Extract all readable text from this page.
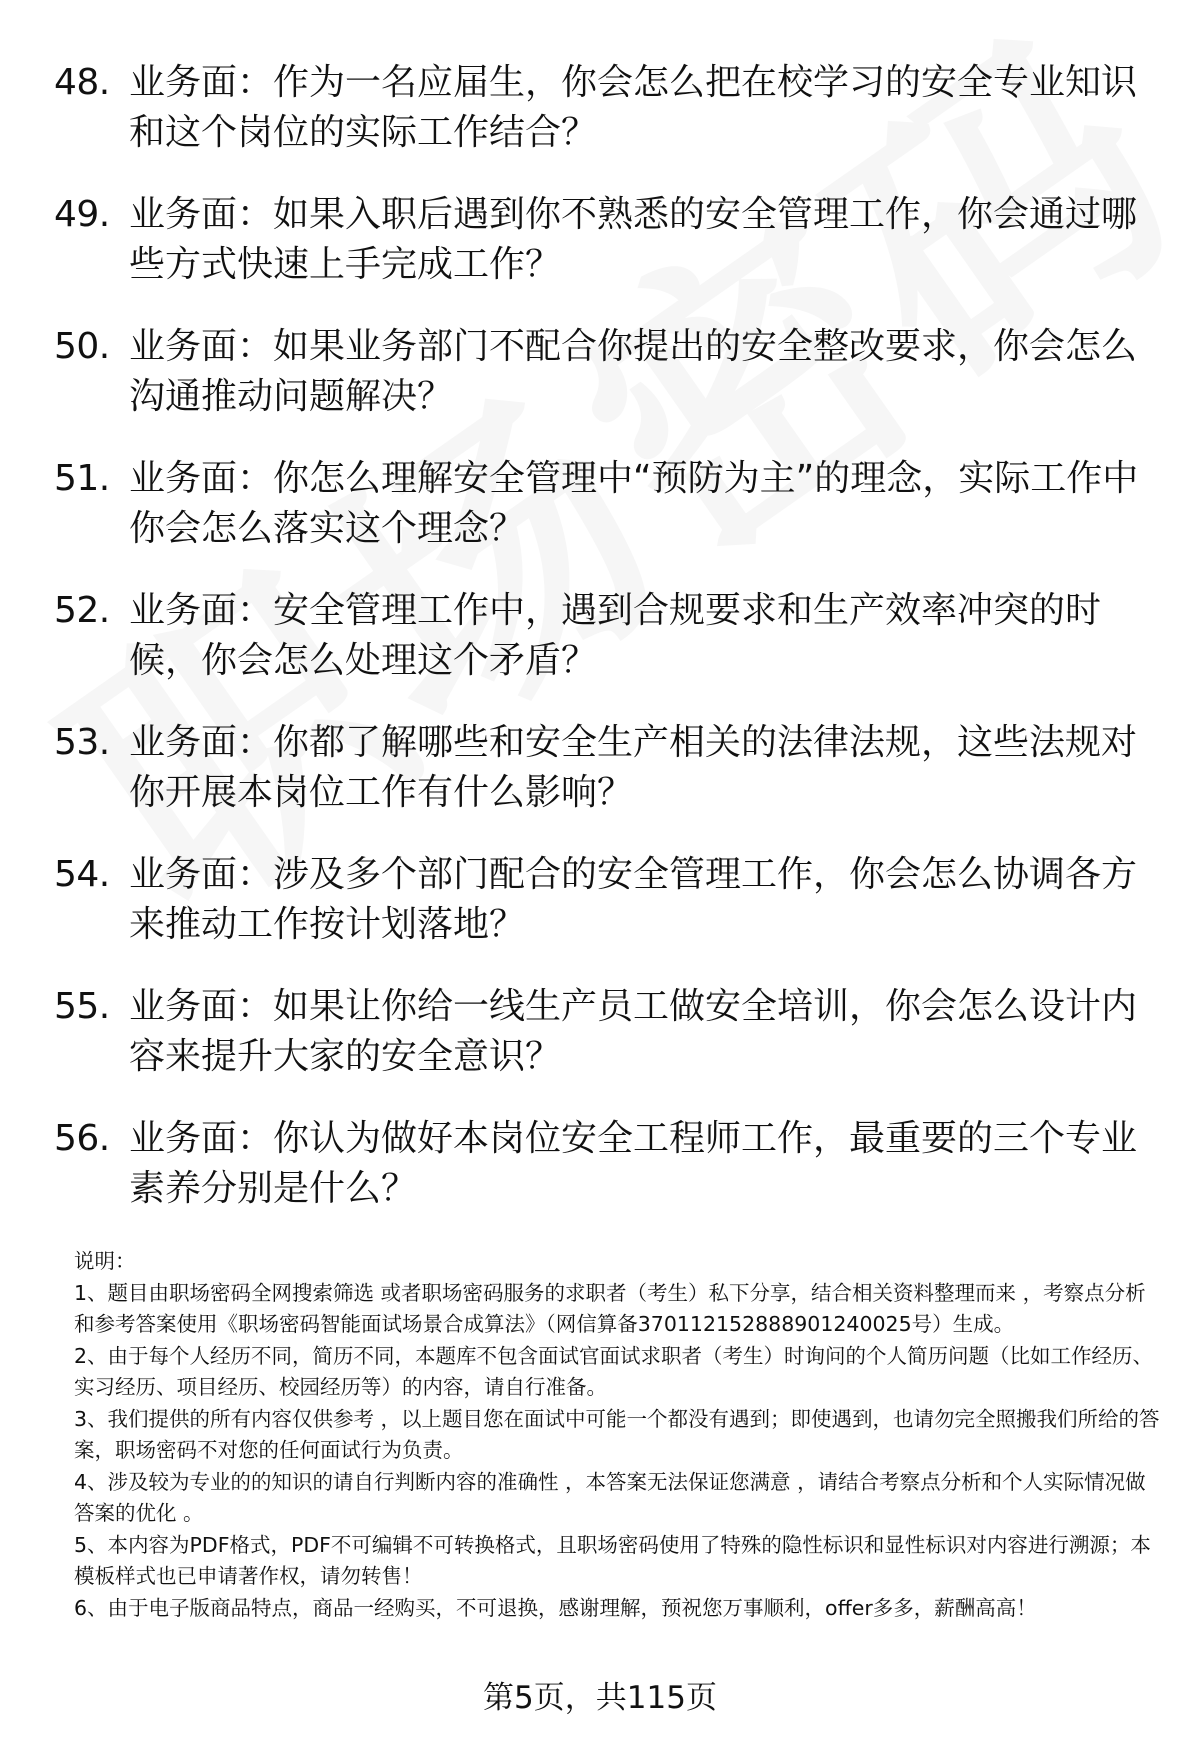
48. 业务面：作为一名应届生，你会怎么把在校学习的安全专业知识和这个岗位的实际工作结合？
49. 业务面：如果入职后遇到你不熟悉的安全管理工作，你会通过哪些方式快速上手完成工作？
50. 业务面：如果业务部门不配合你提出的安全整改要求，你会怎么沟通推动问题解决？
51. 业务面：你怎么理解安全管理中“预防为主”的理念，实际工作中你会怎么落实这个理念？
52. 业务面：安全管理工作中，遇到合规要求和生产效率冲突的时候，你会怎么处理这个矛盾？
53. 业务面：你都了解哪些和安全生产相关的法律法规，这些法规对你开展本岗位工作有什么影响？
54. 业务面：涉及多个部门配合的安全管理工作，你会怎么协调各方来推动工作按计划落地？
55. 业务面：如果让你给一线生产员工做安全培训，你会怎么设计内容来提升大家的安全意识？
56. 业务面：你认为做好本岗位安全工程师工作，最重要的三个专业素养分别是什么？
说明：
1、题目由职场密码全网搜索筛选 或者职场密码服务的求职者（考生）私下分享，结合相关资料整理而来 ，考察点分析和参考答案使用《职场密码智能面试场景合成算法》（网信算备370112152888901240025号）生成。
2、由于每个人经历不同，简历不同，本题库不包含面试官面试求职者（考生）时询问的个人简历问题（比如工作经历、实习经历、项目经历、校园经历等）的内容，请自行准备。
3、我们提供的所有内容仅供参考 ，以上题目您在面试中可能一个都没有遇到；即使遇到，也请勿完全照搬我们所给的答案，职场密码不对您的任何面试行为负责。
4、涉及较为专业的的知识的请自行判断内容的准确性 ，本答案无法保证您满意 ，请结合考察点分析和个人实际情况做答案的优化 。
5、本内容为PDF格式，PDF不可编辑不可转换格式，且职场密码使用了特殊的隐性标识和显性标识对内容进行溯源；本模板样式也已申请著作权，请勿转售！
6、由于电子版商品特点，商品一经购买，不可退换，感谢理解，预祝您万事顺利，offer多多，薪酬高高！
第5页，共115页
